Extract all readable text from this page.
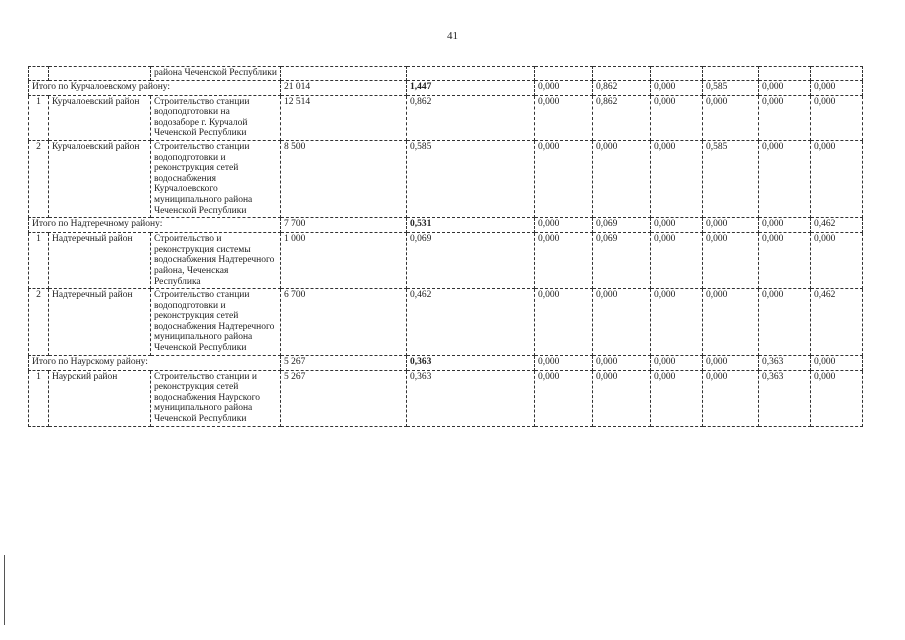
41
		района Чеченской Республики								
Итого по Курчалоевскому району:			21 014	1,447	0,000	0,862	0,000	0,585	0,000	0,000
1	Курчалоевский район	Строительство станции водоподготовки на водозаборе г. Курчалой Чеченской Республики	12 514	0,862	0,000	0,862	0,000	0,000	0,000	0,000
2	Курчалоевский район	Строительство станции водоподготовки и реконструкция сетей водоснабжения Курчалоевского муниципального района Чеченской Республики	8 500	0,585	0,000	0,000	0,000	0,585	0,000	0,000
Итого по Надтеречному району:			7 700	0,531	0,000	0,069	0,000	0,000	0,000	0,462
1	Надтеречный район	Строительство и реконструкция системы водоснабжения Надтеречного района, Чеченская Республика	1 000	0,069	0,000	0,069	0,000	0,000	0,000	0,000
2	Надтеречный район	Строительство станции водоподготовки и реконструкция сетей водоснабжения Надтеречного муниципального района Чеченской Республики	6 700	0,462	0,000	0,000	0,000	0,000	0,000	0,462
Итого по Наурскому району:			5 267	0,363	0,000	0,000	0,000	0,000	0,363	0,000
1	Наурский район	Строительство станции и реконструкция сетей водоснабжения Наурского муниципального района Чеченской Республики	5 267	0,363	0,000	0,000	0,000	0,000	0,363	0,000
